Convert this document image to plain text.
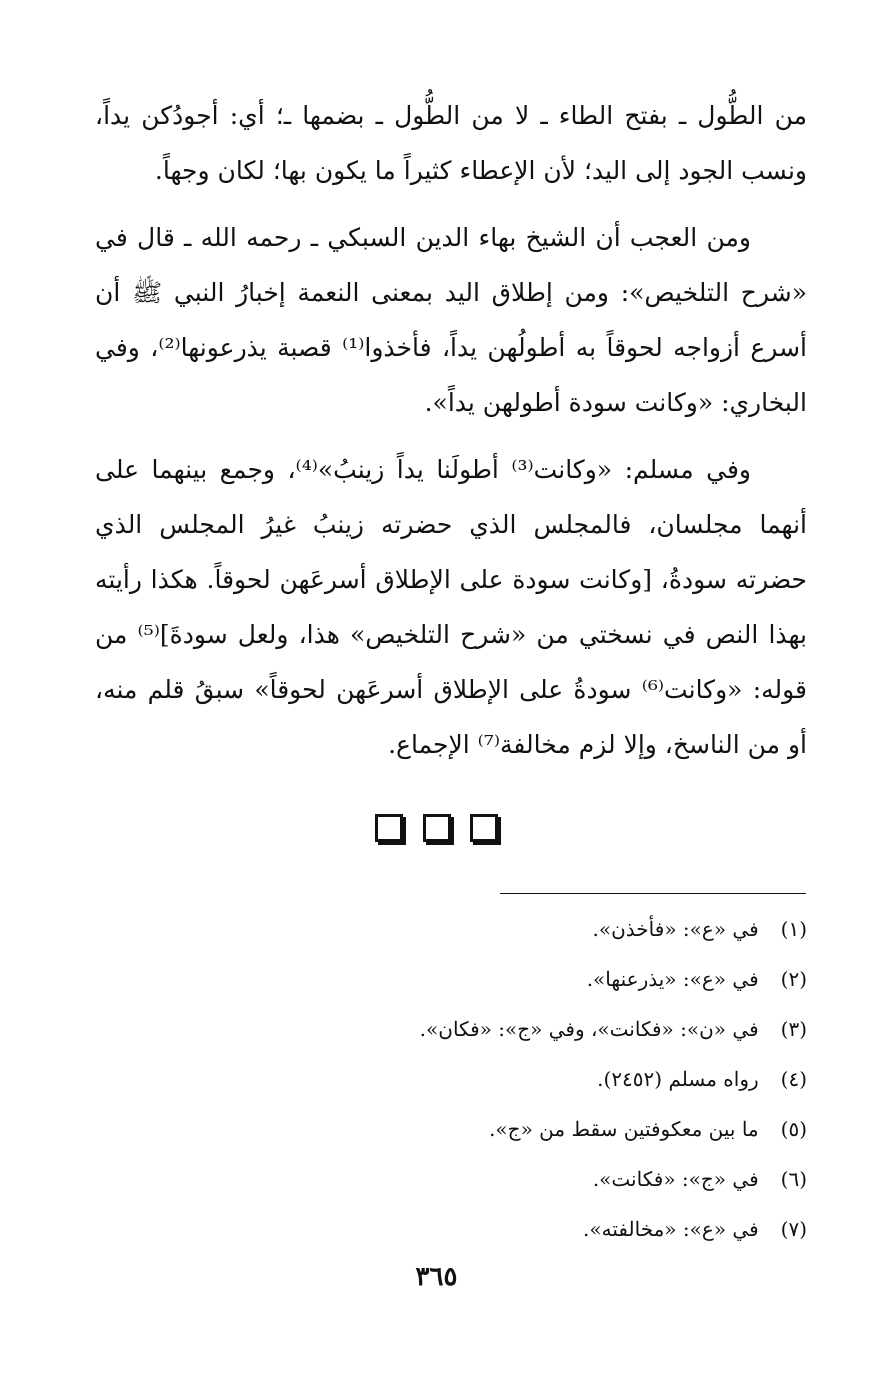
من الطُّول ـ بفتح الطاء ـ لا من الطُّول ـ بضمها ـ؛ أي: أجودُكن يداً، ونسب الجود إلى اليد؛ لأن الإعطاء كثيراً ما يكون بها؛ لكان وجهاً.

ومن العجب أن الشيخ بهاء الدين السبكي ـ رحمه الله ـ قال في «شرح التلخيص»: ومن إطلاق اليد بمعنى النعمة إخبارُ النبي ﷺ أن أسرع أزواجه لحوقاً به أطولُهن يداً، فأخذوا⁽¹⁾ قصبة يذرعونها⁽²⁾، وفي البخاري: «وكانت سودة أطولهن يداً».

وفي مسلم: «وكانت⁽³⁾ أطولَنا يداً زينبُ»⁽⁴⁾، وجمع بينهما على أنهما مجلسان، فالمجلس الذي حضرته زينبُ غيرُ المجلس الذي حضرته سودةُ، [وكانت سودة على الإطلاق أسرعَهن لحوقاً. هكذا رأيته بهذا النص في نسختي من «شرح التلخيص» هذا، ولعل سودةَ]⁽⁵⁾ من قوله: «وكانت⁽⁶⁾ سودةُ على الإطلاق أسرعَهن لحوقاً» سبقُ قلم منه، أو من الناسخ، وإلا لزم مخالفة⁽⁷⁾ الإجماع.

(١) في «ع»: «فأخذن».
(٢) في «ع»: «يذرعنها».
(٣) في «ن»: «فكانت»، وفي «ج»: «فكان».
(٤) رواه مسلم (٢٤٥٢).
(٥) ما بين معكوفتين سقط من «ج».
(٦) في «ج»: «فكانت».
(٧) في «ع»: «مخالفته».
٣٦٥
